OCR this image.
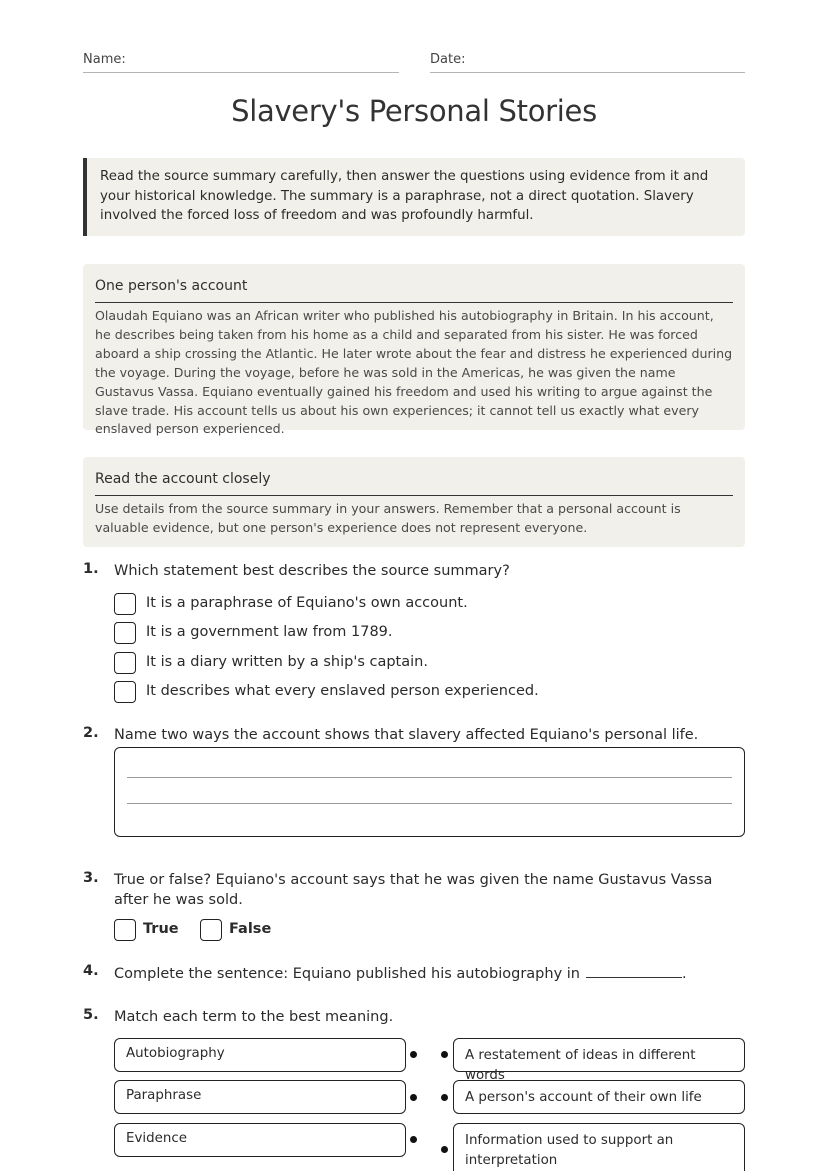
Name:	Date:
Slavery's Personal Stories
Read the source summary carefully, then answer the questions using evidence from it and your historical knowledge. The summary is a paraphrase, not a direct quotation. Slavery involved the forced loss of freedom and was profoundly harmful.
One person's account
Olaudah Equiano was an African writer who published his autobiography in Britain. In his account, he describes being taken from his home as a child and separated from his sister. He was forced aboard a ship crossing the Atlantic. He later wrote about the fear and distress he experienced during the voyage. During the voyage, before he was sold in the Americas, he was given the name Gustavus Vassa. Equiano eventually gained his freedom and used his writing to argue against the slave trade. His account tells us about his own experiences; it cannot tell us exactly what every enslaved person experienced.
Read the account closely
Use details from the source summary in your answers. Remember that a personal account is valuable evidence, but one person's experience does not represent everyone.
1. Which statement best describes the source summary?
It is a paraphrase of Equiano's own account.
It is a government law from 1789.
It is a diary written by a ship's captain.
It describes what every enslaved person experienced.
2. Name two ways the account shows that slavery affected Equiano's personal life.
3. True or false? Equiano's account says that he was given the name Gustavus Vassa after he was sold.
True	False
4. Complete the sentence: Equiano published his autobiography in	.
5. Match each term to the best meaning.
Autobiography	A restatement of ideas in different words
Paraphrase	A person's account of their own life
Evidence	Information used to support an interpretation
